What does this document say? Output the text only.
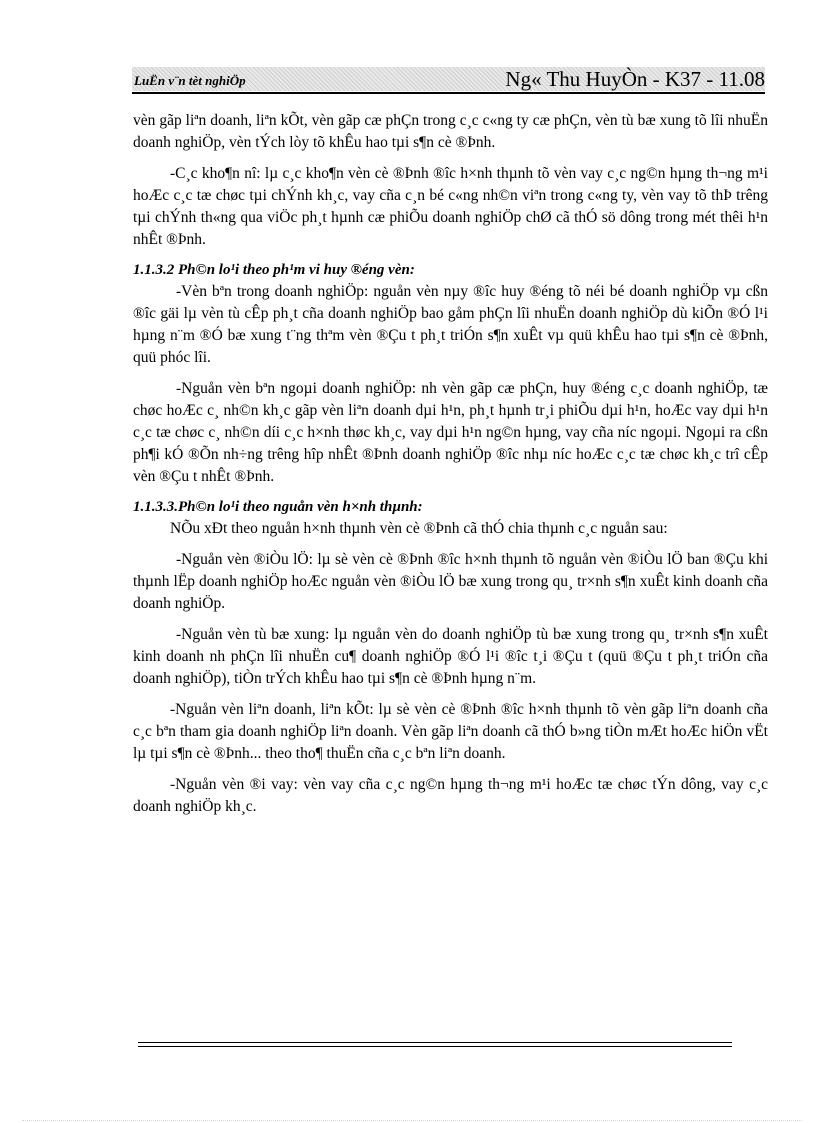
LuËn v¨n tèt nghiÖp	Ng« Thu HuyÒn - K37 - 11.08

vèn gãp liªn doanh, liªn kÕt, vèn gãp cæ phÇn trong c¸c c«ng ty cæ phÇn, vèn tù bæ xung tõ lîi nhuËn doanh nghiÖp, vèn tÝch lòy tõ khÊu hao tµi s¶n cè ®Þnh.

-C¸c kho¶n nî: lµ c¸c kho¶n vèn cè ®Þnh ®îc h×nh thµnh tõ vèn vay c¸c ng©n hµng th¬ng m¹i hoÆc c¸c tæ chøc tµi chÝnh kh¸c, vay cña c¸n bé c«ng nh©n viªn trong c«ng ty, vèn vay tõ thÞ trêng tµi chÝnh th«ng qua viÖc ph¸t hµnh cæ phiÕu doanh nghiÖp chØ cã thÓ sö dông trong mét thêi h¹n nhÊt ®Þnh.

1.1.3.2 Ph©n lo¹i theo ph¹m vi huy ®éng vèn:

-Vèn bªn trong doanh nghiÖp: nguån vèn nµy ®îc huy ®éng tõ néi bé doanh nghiÖp vµ cßn ®îc gäi lµ vèn tù cÊp ph¸t cña doanh nghiÖp bao gåm phÇn lîi nhuËn doanh nghiÖp dù kiÕn ®Ó l¹i hµng n¨m ®Ó bæ xung t¨ng thªm vèn ®Çu t ph¸t triÓn s¶n xuÊt vµ quü khÊu hao tµi s¶n cè ®Þnh, quü phóc lîi.

-Nguån vèn bªn ngoµi doanh nghiÖp: nh vèn gãp cæ phÇn, huy ®éng c¸c doanh nghiÖp, tæ chøc hoÆc c¸ nh©n kh¸c gãp vèn liªn doanh dµi h¹n, ph¸t hµnh tr¸i phiÕu dµi h¹n, hoÆc vay dµi h¹n c¸c tæ chøc c¸ nh©n díi c¸c h×nh thøc kh¸c, vay dµi h¹n ng©n hµng, vay cña níc ngoµi. Ngoµi ra cßn ph¶i kÓ ®Õn nh÷ng trêng hîp nhÊt ®Þnh doanh nghiÖp ®îc nhµ níc hoÆc c¸c tæ chøc kh¸c trî cÊp vèn ®Çu t nhÊt ®Þnh.

1.1.3.3.Ph©n lo¹i theo nguån vèn h×nh thµnh:

NÕu xÐt theo nguån h×nh thµnh vèn cè ®Þnh cã thÓ chia thµnh c¸c nguån sau:

-Nguån vèn ®iÒu lÖ: lµ sè vèn cè ®Þnh ®îc h×nh thµnh tõ nguån vèn ®iÒu lÖ ban ®Çu khi thµnh lËp doanh nghiÖp hoÆc nguån vèn ®iÒu lÖ bæ xung trong qu¸ tr×nh s¶n xuÊt kinh doanh cña doanh nghiÖp.

-Nguån vèn tù bæ xung: lµ nguån vèn do doanh nghiÖp tù bæ xung trong qu¸ tr×nh s¶n xuÊt kinh doanh nh phÇn lîi nhuËn cu¶ doanh nghiÖp ®Ó l¹i ®îc t¸i ®Çu t (quü ®Çu t ph¸t triÓn cña doanh nghiÖp), tiÒn trÝch khÊu hao tµi s¶n cè ®Þnh hµng n¨m.

-Nguån vèn liªn doanh, liªn kÕt: lµ sè vèn cè ®Þnh ®îc h×nh thµnh tõ vèn gãp liªn doanh cña c¸c bªn tham gia doanh nghiÖp liªn doanh. Vèn gãp liªn doanh cã thÓ b»ng tiÒn mÆt hoÆc hiÖn vËt lµ tµi s¶n cè ®Þnh... theo tho¶ thuËn cña c¸c bªn liªn doanh.

-Nguån vèn ®i vay: vèn vay cña c¸c ng©n hµng th¬ng m¹i hoÆc tæ chøc tÝn dông, vay c¸c doanh nghiÖp kh¸c.
